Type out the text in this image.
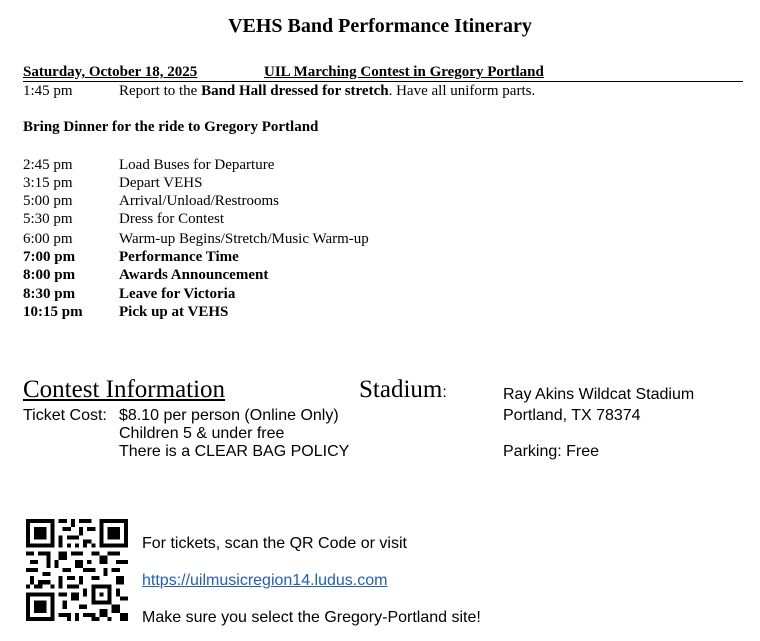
VEHS Band Performance Itinerary
Saturday, October 18, 2025	UIL Marching Contest in Gregory Portland
1:45 pm	Report to the Band Hall dressed for stretch. Have all uniform parts.
Bring Dinner for the ride to Gregory Portland
2:45 pm	Load Buses for Departure
3:15 pm	Depart VEHS
5:00 pm	Arrival/Unload/Restrooms
5:30 pm	Dress for Contest
6:00 pm	Warm-up Begins/Stretch/Music Warm-up
7:00 pm	Performance Time
8:00 pm	Awards Announcement
8:30 pm	Leave for Victoria
10:15 pm Pick up at VEHS
Contest Information	Stadium:
Ticket Cost: $8.10 per person (Online Only)
Children 5 & under free
There is a CLEAR BAG POLICY
Ray Akins Wildcat Stadium
Portland, TX 78374
Parking: Free
For tickets, scan the QR Code or visit
https://uilmusicregion14.ludus.com
Make sure you select the Gregory-Portland site!
